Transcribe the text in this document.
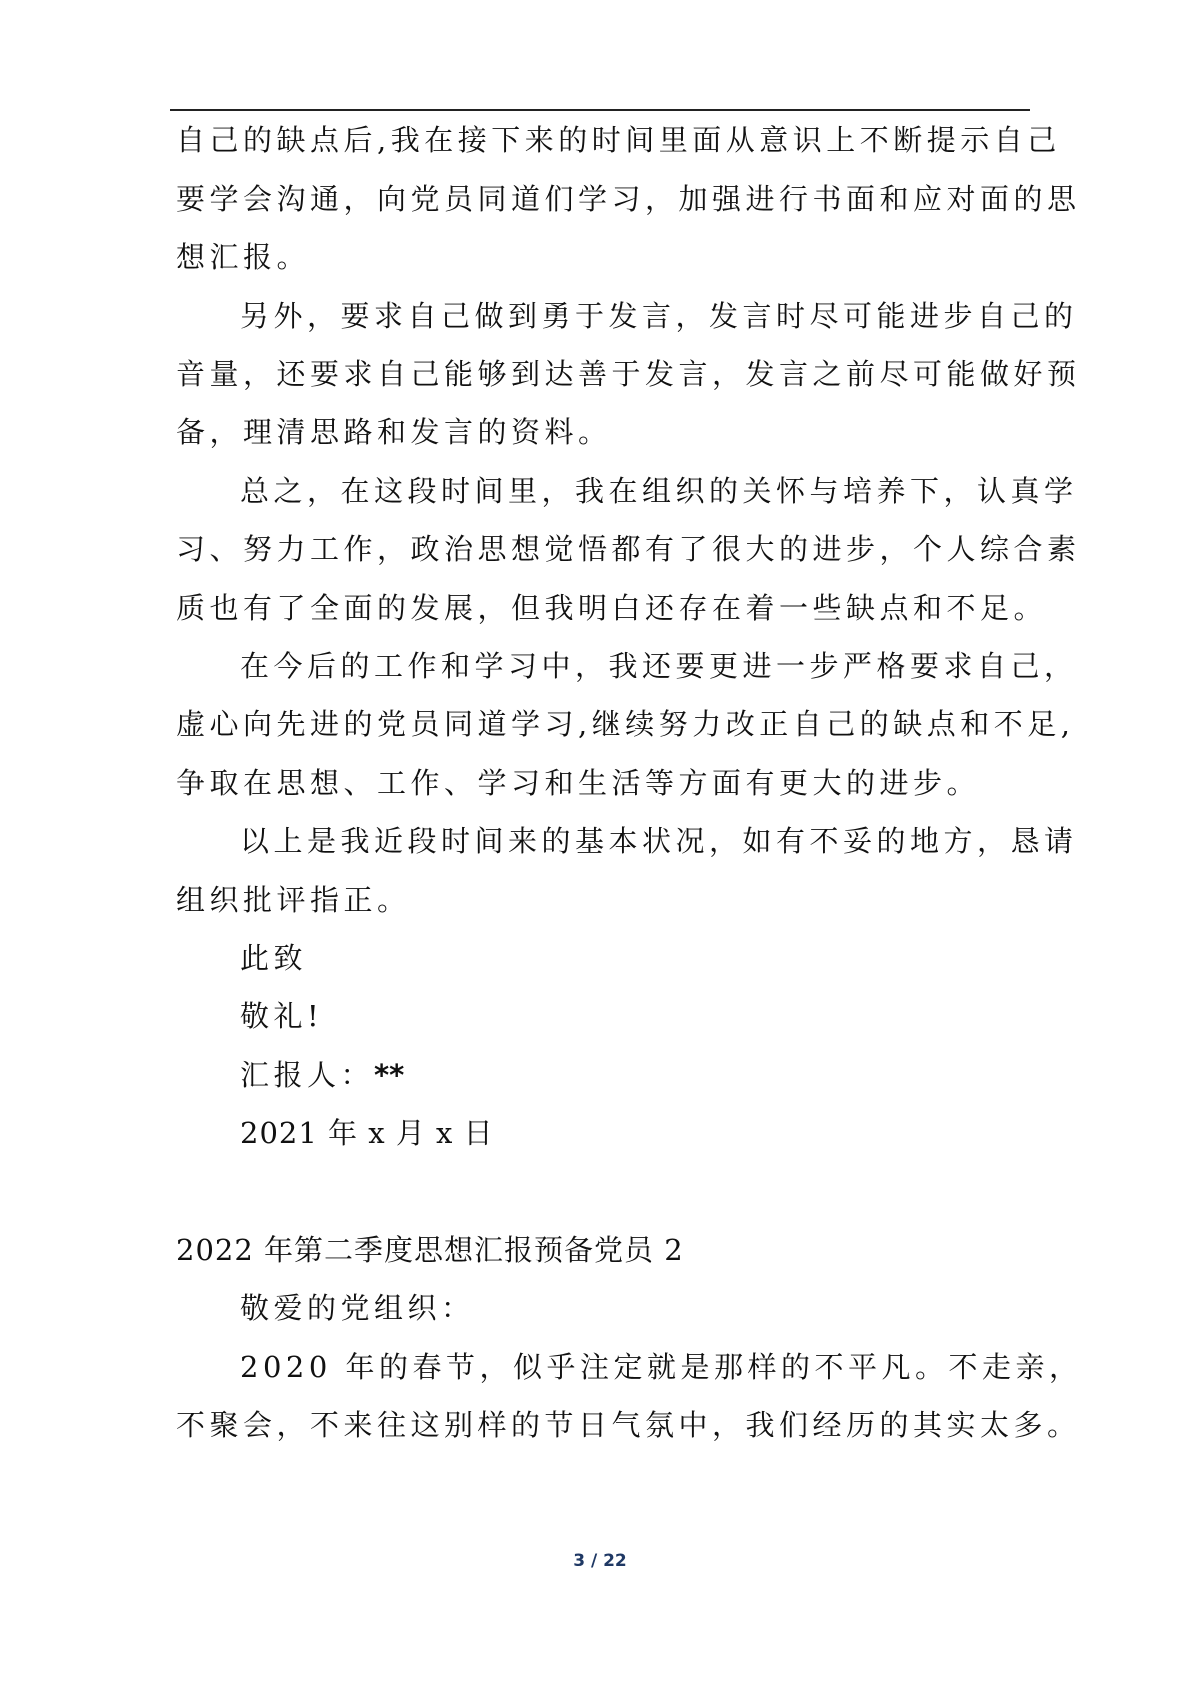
自己的缺点后,我在接下来的时间里面从意识上不断提示自己
要学会沟通，向党员同道们学习，加强进行书面和应对面的思
想汇报。
另外，要求自己做到勇于发言，发言时尽可能进步自己的
音量，还要求自己能够到达善于发言，发言之前尽可能做好预
备，理清思路和发言的资料。
总之，在这段时间里，我在组织的关怀与培养下，认真学
习、努力工作，政治思想觉悟都有了很大的进步，个人综合素
质也有了全面的发展，但我明白还存在着一些缺点和不足。
在今后的工作和学习中，我还要更进一步严格要求自己，
虚心向先进的党员同道学习,继续努力改正自己的缺点和不足,
争取在思想、工作、学习和生活等方面有更大的进步。
以上是我近段时间来的基本状况，如有不妥的地方，恳请
组织批评指正。
此致
敬礼!
汇报人：**
2021 年 x 月 x 日
2022 年第二季度思想汇报预备党员 2
敬爱的党组织：
2020 年的春节，似乎注定就是那样的不平凡。不走亲，
不聚会，不来往这别样的节日气氛中，我们经历的其实太多。
3 / 22
